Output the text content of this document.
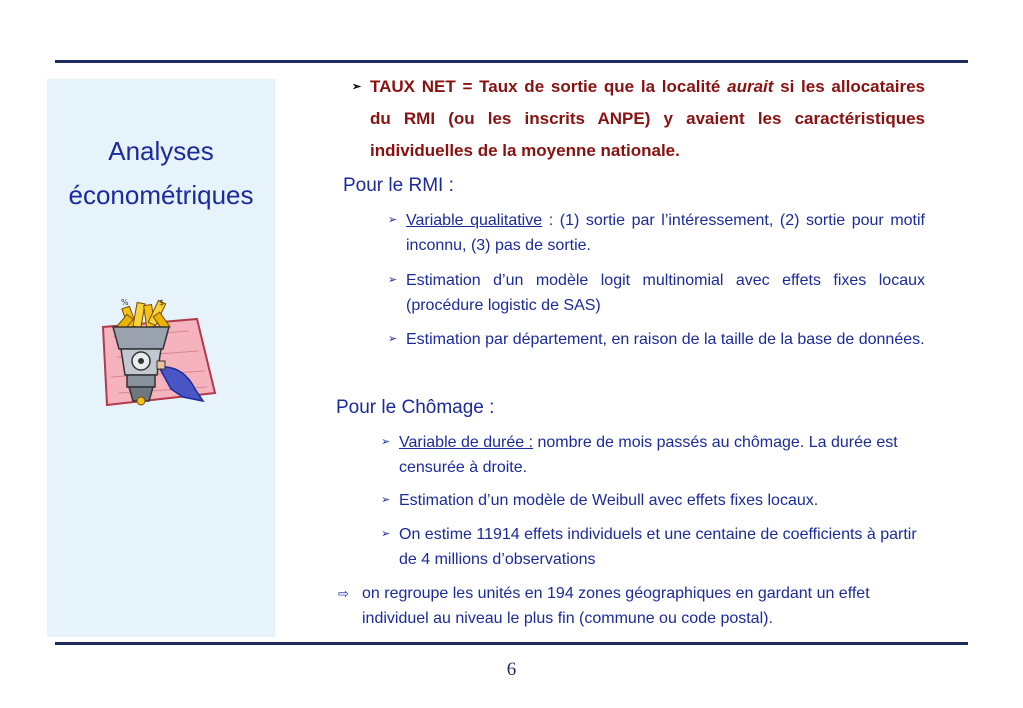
Analyses
économétriques
%	$
➢ TAUX NET = Taux de sortie que la localité aurait si les allocataires du RMI (ou les inscrits ANPE) y avaient les caractéristiques individuelles de la moyenne nationale.
Pour le RMI :
➢ Variable qualitative : (1) sortie par l’intéressement, (2) sortie pour motif inconnu, (3) pas de sortie.
➢ Estimation d’un modèle logit multinomial avec effets fixes locaux (procédure logistic de SAS)
➢ Estimation par département, en raison de la taille de la base de données.
Pour le Chômage :
➢ Variable de durée : nombre de mois passés au chômage. La durée est censurée à droite.
➢ Estimation d’un modèle de Weibull avec effets fixes locaux.
➢ On estime 11914 effets individuels et une centaine de coefficients à partir de 4 millions d’observations
⇨ on regroupe les unités en 194 zones géographiques en gardant un effet individuel au niveau le plus fin (commune ou code postal).
6
